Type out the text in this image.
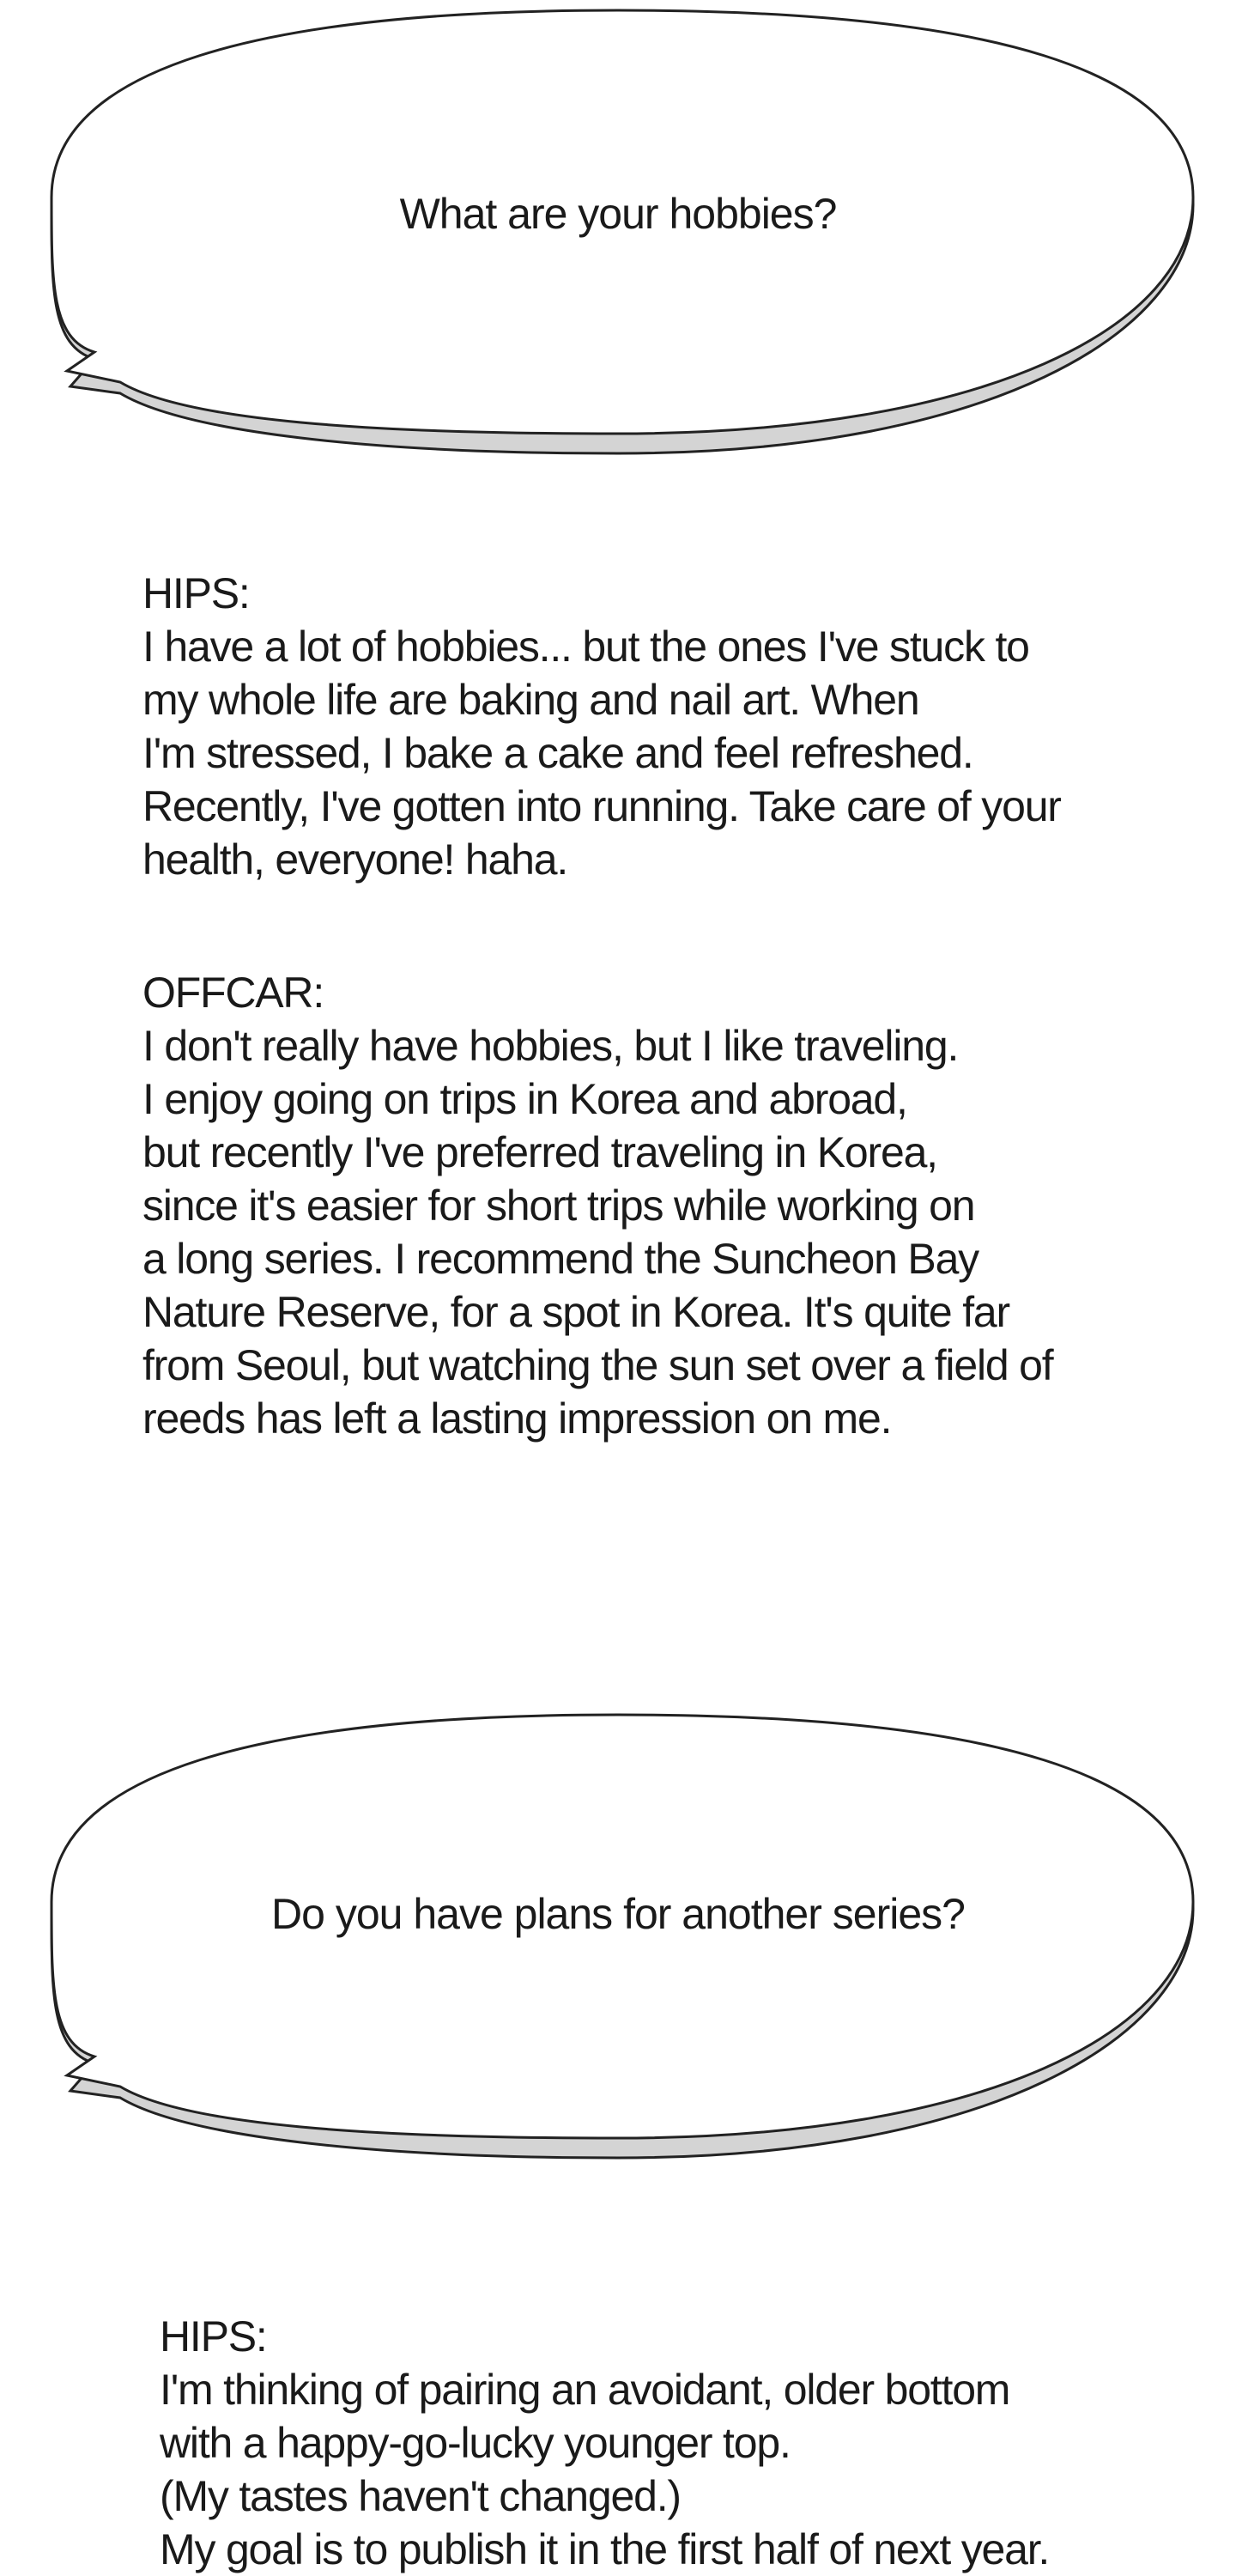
What are your hobbies?
HIPS:
I have a lot of hobbies... but the ones I've stuck to
my whole life are baking and nail art. When
I'm stressed, I bake a cake and feel refreshed.
Recently, I've gotten into running. Take care of your
health, everyone! haha.
OFFCAR:
I don't really have hobbies, but I like traveling.
I enjoy going on trips in Korea and abroad,
but recently I've preferred traveling in Korea,
since it's easier for short trips while working on
a long series. I recommend the Suncheon Bay
Nature Reserve, for a spot in Korea. It's quite far
from Seoul, but watching the sun set over a field of
reeds has left a lasting impression on me.
Do you have plans for another series?
HIPS:
I'm thinking of pairing an avoidant, older bottom
with a happy-go-lucky younger top.
(My tastes haven't changed.)
My goal is to publish it in the first half of next year.
